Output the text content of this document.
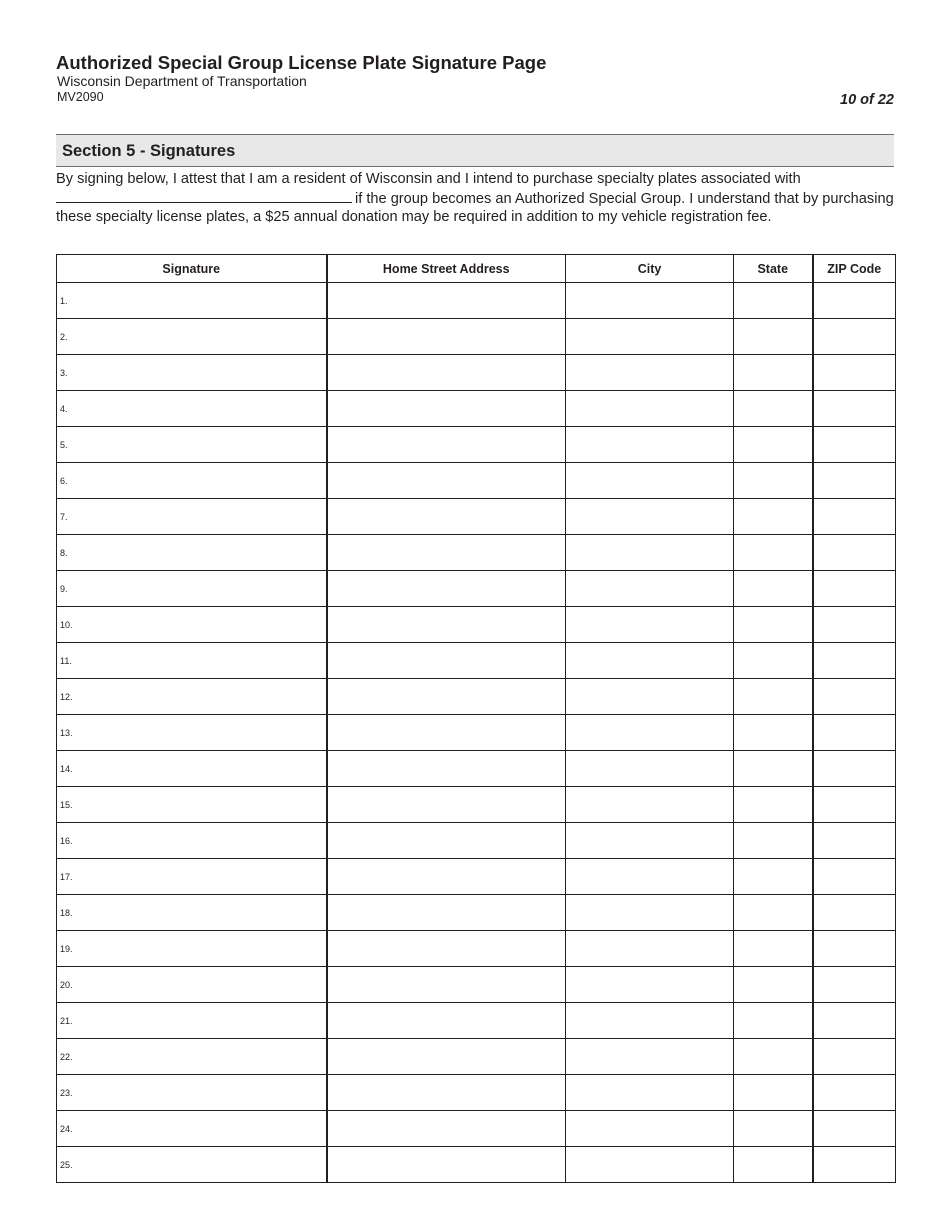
Authorized Special Group License Plate Signature Page
Wisconsin Department of Transportation
MV2090	10 of 22
Section 5 - Signatures
By signing below, I attest that I am a resident of Wisconsin and I intend to purchase specialty plates associated with
if the group becomes an Authorized Special Group. I understand that by purchasing these specialty license plates, a $25 annual donation may be required in addition to my vehicle registration fee.
Signature	Home Street Address	City	State	ZIP Code
1.				
2.				
3.				
4.				
5.				
6.				
7.				
8.				
9.				
10.				
11.				
12.				
13.				
14.				
15.				
16.				
17.				
18.				
19.				
20.				
21.				
22.				
23.				
24.				
25.				
